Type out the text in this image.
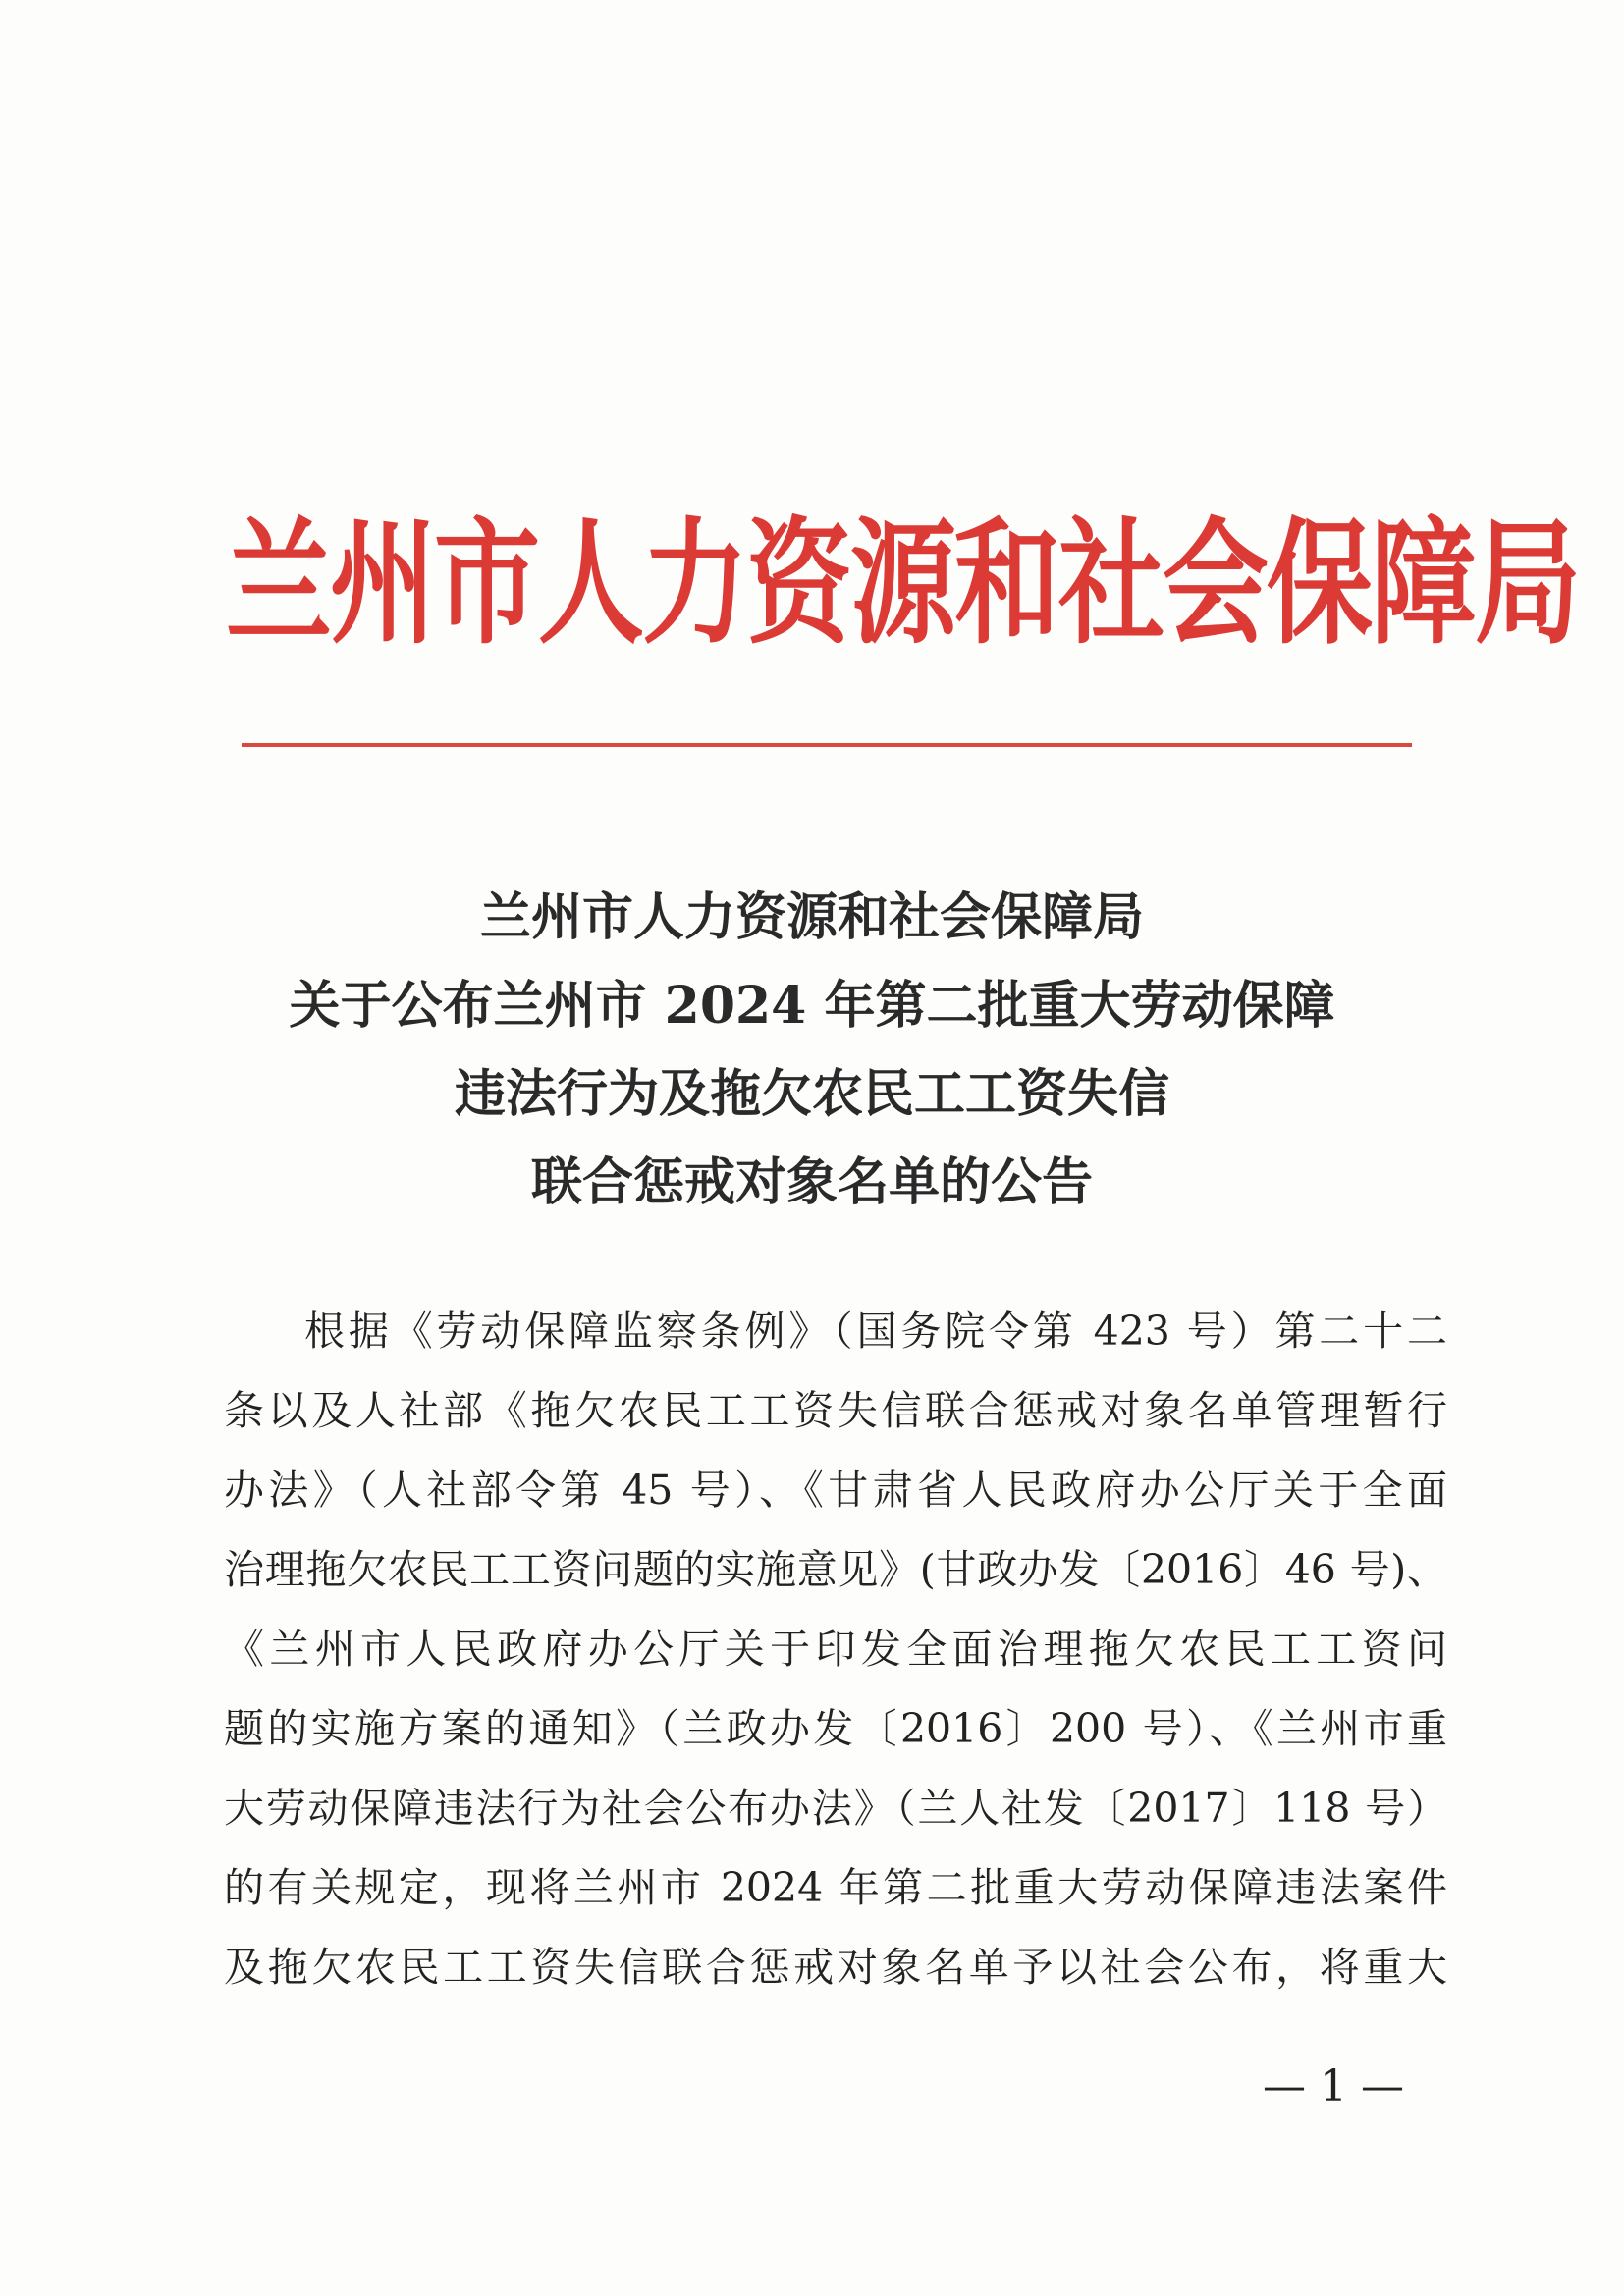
兰州市人力资源和社会保障局
兰州市人力资源和社会保障局
关于公布兰州市 2024 年第二批重大劳动保障
违法行为及拖欠农民工工资失信
联合惩戒对象名单的公告
根据《劳动保障监察条例》（国务院令第 423 号）第二十二
条以及人社部《拖欠农民工工资失信联合惩戒对象名单管理暂行
办法》（人社部令第 45 号）、《甘肃省人民政府办公厅关于全面
治理拖欠农民工工资问题的实施意见》(甘政办发〔2016〕46 号)、
《兰州市人民政府办公厅关于印发全面治理拖欠农民工工资问
题的实施方案的通知》（兰政办发〔2016〕200 号）、《兰州市重
大劳动保障违法行为社会公布办法》（兰人社发〔2017〕118 号）
的有关规定，现将兰州市 2024 年第二批重大劳动保障违法案件
及拖欠农民工工资失信联合惩戒对象名单予以社会公布，将重大
— 1 —
